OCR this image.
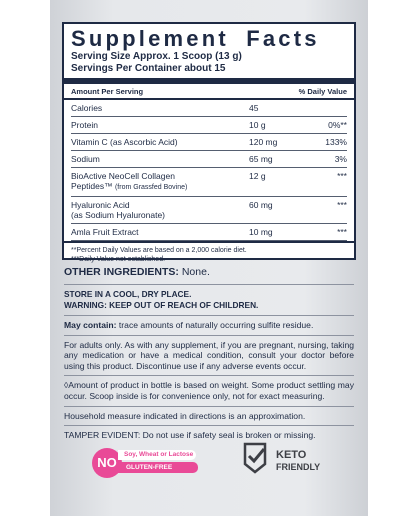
Supplement Facts
Serving Size Approx. 1 Scoop (13 g)
Servings Per Container about 15
Amount Per Serving	% Daily Value
Calories	45
Protein	10 g	0%**
Vitamin C (as Ascorbic Acid)	120 mg	133%
Sodium	65 mg	3%
BioActive NeoCell Collagen
Peptides™ (from Grassfed Bovine)
12 g	***
Hyaluronic Acid
(as Sodium Hyaluronate)
60 mg	***
Amla Fruit Extract	10 mg	***
**Percent Daily Values are based on a 2,000 calorie diet.
***Daily Value not established.
OTHER INGREDIENTS: None.
STORE IN A COOL, DRY PLACE.
WARNING: KEEP OUT OF REACH OF CHILDREN.

May contain: trace amounts of naturally occurring sulfite residue.

For adults only. As with any supplement, if you are pregnant, nursing, taking any medication or have a medical condition, consult your doctor before using this product. Discontinue use if any adverse events occur.

◊Amount of product in bottle is based on weight. Some product settling may occur. Scoop inside is for convenience only, not for exact measuring.

Household measure indicated in directions is an approximation.

TAMPER EVIDENT: Do not use if safety seal is broken or missing.

NO
Soy, Wheat or Lactose
GLUTEN-FREE
KETO
FRIENDLY
